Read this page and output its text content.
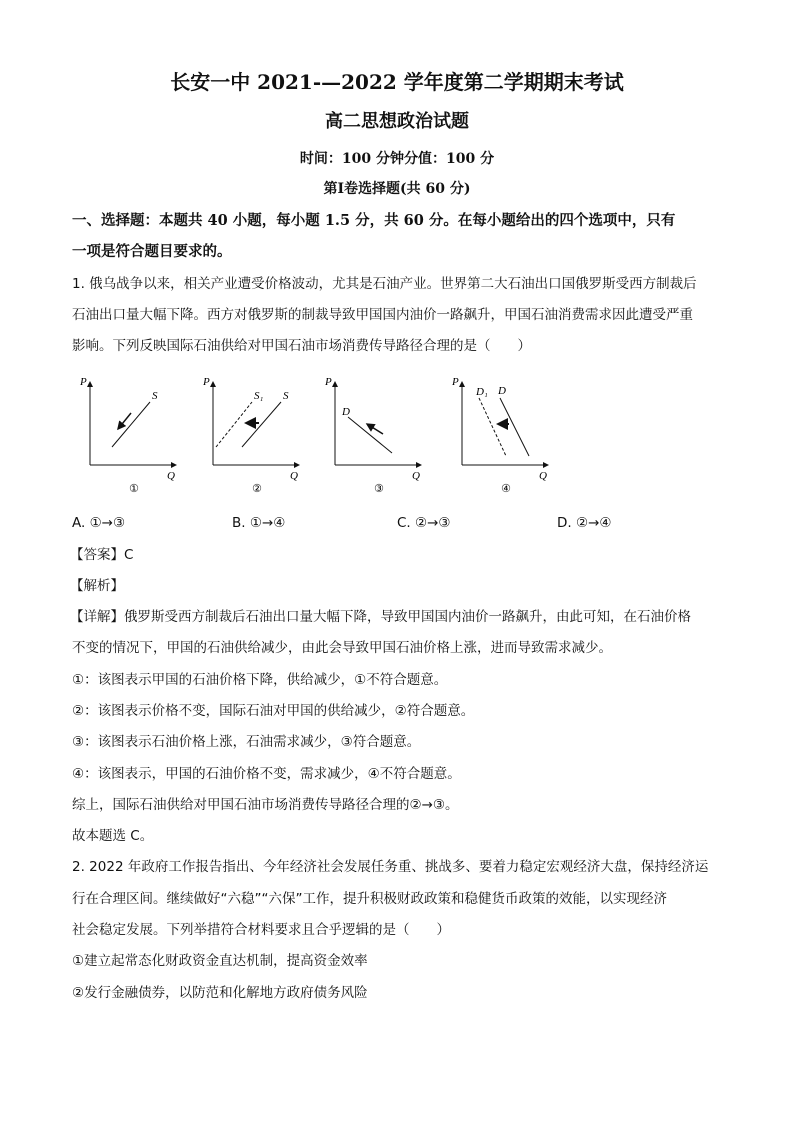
长安一中 2021-—2022 学年度第二学期期末考试
高二思想政治试题
时间：100 分钟分值：100 分
第Ⅰ卷选择题(共 60 分)
一、选择题：本题共 40 小题，每小题 1.5 分，共 60 分。在每小题给出的四个选项中，只有
一项是符合题目要求的。
1. 俄乌战争以来，相关产业遭受价格波动，尤其是石油产业。世界第二大石油出口国俄罗斯受西方制裁后
石油出口量大幅下降。西方对俄罗斯的制裁导致甲国国内油价一路飙升，甲国石油消费需求因此遭受严重
影响。下列反映国际石油供给对甲国石油市场消费传导路径合理的是（　　）
P
Q
S
①
P
Q
S
S₁
②
P
Q
D
③
P
Q
D
D₁
④
A. ①→③	B. ①→④	C. ②→③	D. ②→④
【答案】C
【解析】
【详解】俄罗斯受西方制裁后石油出口量大幅下降，导致甲国国内油价一路飙升，由此可知，在石油价格
不变的情况下，甲国的石油供给减少，由此会导致甲国石油价格上涨，进而导致需求减少。
①：该图表示甲国的石油价格下降，供给减少，①不符合题意。
②：该图表示价格不变，国际石油对甲国的供给减少，②符合题意。
③：该图表示石油价格上涨，石油需求减少，③符合题意。
④：该图表示，甲国的石油价格不变，需求减少，④不符合题意。
综上，国际石油供给对甲国石油市场消费传导路径合理的②→③。
故本题选 C。
2. 2022 年政府工作报告指出、今年经济社会发展任务重、挑战多、要着力稳定宏观经济大盘，保持经济运
行在合理区间。继续做好“六稳”“六保”工作，提升积极财政政策和稳健货币政策的效能，以实现经济
社会稳定发展。下列举措符合材料要求且合乎逻辑的是（　　）
①建立起常态化财政资金直达机制，提高资金效率
②发行金融债券，以防范和化解地方政府债务风险
